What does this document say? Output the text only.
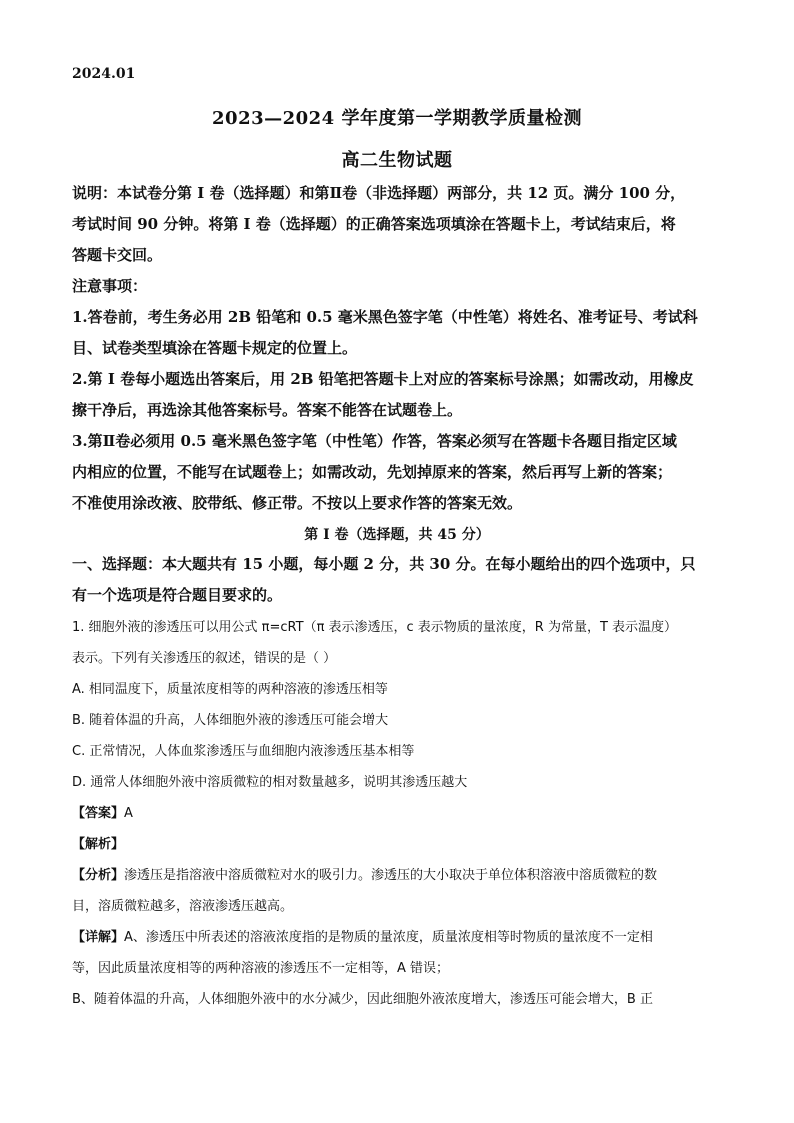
2024.01
2023—2024 学年度第一学期教学质量检测
高二生物试题
说明：本试卷分第 I 卷（选择题）和第Ⅱ卷（非选择题）两部分，共 12 页。满分 100 分，
考试时间 90 分钟。将第 I 卷（选择题）的正确答案选项填涂在答题卡上，考试结束后，将
答题卡交回。
注意事项：
1.答卷前，考生务必用 2B 铅笔和 0.5 毫米黑色签字笔（中性笔）将姓名、准考证号、考试科
目、试卷类型填涂在答题卡规定的位置上。
2.第 I 卷每小题选出答案后，用 2B 铅笔把答题卡上对应的答案标号涂黑；如需改动，用橡皮
擦干净后，再选涂其他答案标号。答案不能答在试题卷上。
3.第Ⅱ卷必须用 0.5 毫米黑色签字笔（中性笔）作答，答案必须写在答题卡各题目指定区域
内相应的位置，不能写在试题卷上；如需改动，先划掉原来的答案，然后再写上新的答案；
不准使用涂改液、胶带纸、修正带。不按以上要求作答的答案无效。
第 I 卷（选择题，共 45 分）
一、选择题：本大题共有 15 小题，每小题 2 分，共 30 分。在每小题给出的四个选项中，只
有一个选项是符合题目要求的。
1. 细胞外液的渗透压可以用公式 π=cRT（π 表示渗透压，c 表示物质的量浓度，R 为常量，T 表示温度）
表示。下列有关渗透压的叙述，错误的是（ ）
A. 相同温度下，质量浓度相等的两种溶液的渗透压相等
B. 随着体温的升高，人体细胞外液的渗透压可能会增大
C. 正常情况，人体血浆渗透压与血细胞内液渗透压基本相等
D. 通常人体细胞外液中溶质微粒的相对数量越多，说明其渗透压越大
【答案】A
【解析】
【分析】渗透压是指溶液中溶质微粒对水的吸引力。渗透压的大小取决于单位体积溶液中溶质微粒的数
目，溶质微粒越多，溶液渗透压越高。
【详解】A、渗透压中所表述的溶液浓度指的是物质的量浓度，质量浓度相等时物质的量浓度不一定相
等，因此质量浓度相等的两种溶液的渗透压不一定相等，A 错误；
B、随着体温的升高，人体细胞外液中的水分减少，因此细胞外液浓度增大，渗透压可能会增大，B 正
